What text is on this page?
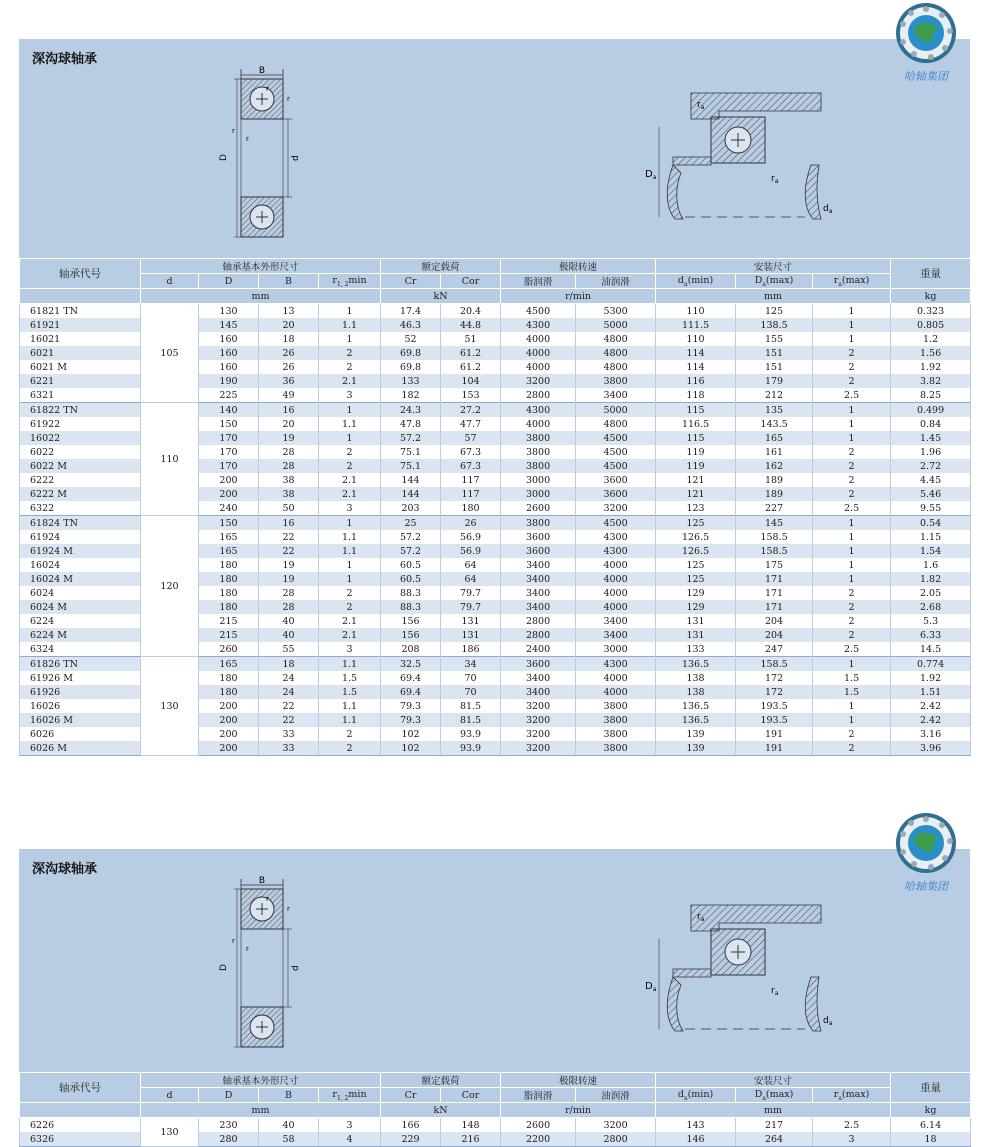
深沟球轴承
B
D	d
r
r
r
r
$D_a$
$r_a$
$r_a$
$d_a$
轴承代号	轴承基本外形尺寸				额定载荷		极限转速		安装尺寸			重量
	d	D	B	$r_{1, 2}\min$	Cr	Cor	脂润滑	油润滑	$d_a(\min)$	$D_a(\max)$	$r_a(\max)$	
	mm				kN		r/min		mm			kg
61821 TN	105	130	13	1	17.4	20.4	4500	5300	110	125	1	0.323
61921		145	20	1.1	46.3	44.8	4300	5000	111.5	138.5	1	0.805
16021		160	18	1	52	51	4000	4800	110	155	1	1.2
6021		160	26	2	69.8	61.2	4000	4800	114	151	2	1.56
6021 M		160	26	2	69.8	61.2	4000	4800	114	151	2	1.92
6221		190	36	2.1	133	104	3200	3800	116	179	2	3.82
6321		225	49	3	182	153	2800	3400	118	212	2.5	8.25
61822 TN	110	140	16	1	24.3	27.2	4300	5000	115	135	1	0.499
61922		150	20	1.1	47.8	47.7	4000	4800	116.5	143.5	1	0.84
16022		170	19	1	57.2	57	3800	4500	115	165	1	1.45
6022		170	28	2	75.1	67.3	3800	4500	119	161	2	1.96
6022 M		170	28	2	75.1	67.3	3800	4500	119	162	2	2.72
6222		200	38	2.1	144	117	3000	3600	121	189	2	4.45
6222 M		200	38	2.1	144	117	3000	3600	121	189	2	5.46
6322		240	50	3	203	180	2600	3200	123	227	2.5	9.55
61824 TN	120	150	16	1	25	26	3800	4500	125	145	1	0.54
61924		165	22	1.1	57.2	56.9	3600	4300	126.5	158.5	1	1.15
61924 M		165	22	1.1	57.2	56.9	3600	4300	126.5	158.5	1	1.54
16024		180	19	1	60.5	64	3400	4000	125	175	1	1.6
16024 M		180	19	1	60.5	64	3400	4000	125	171	1	1.82
6024		180	28	2	88.3	79.7	3400	4000	129	171	2	2.05
6024 M		180	28	2	88.3	79.7	3400	4000	129	171	2	2.68
6224		215	40	2.1	156	131	2800	3400	131	204	2	5.3
6224 M		215	40	2.1	156	131	2800	3400	131	204	2	6.33
6324		260	55	3	208	186	2400	3000	133	247	2.5	14.5
61826 TN	130	165	18	1.1	32.5	34	3600	4300	136.5	158.5	1	0.774
61926 M		180	24	1.5	69.4	70	3400	4000	138	172	1.5	1.92
61926		180	24	1.5	69.4	70	3400	4000	138	172	1.5	1.51
16026		200	22	1.1	79.3	81.5	3200	3800	136.5	193.5	1	2.42
16026 M		200	22	1.1	79.3	81.5	3200	3800	136.5	193.5	1	2.42
6026		200	33	2	102	93.9	3200	3800	139	191	2	3.16
6026 M		200	33	2	102	93.9	3200	3800	139	191	2	3.96
哈轴集团
深沟球轴承
B
D	d
r
r
r
r
$D_a$
$r_a$
$r_a$
$d_a$
轴承代号	轴承基本外形尺寸				额定载荷		极限转速		安装尺寸			重量
	d	D	B	$r_{1, 2}\min$	Cr	Cor	脂润滑	油润滑	$d_a(\min)$	$D_a(\max)$	$r_a(\max)$	
	mm				kN		r/min		mm			kg
6226	130	230	40	3	166	148	2600	3200	143	217	2.5	6.14
6326		280	58	4	229	216	2200	2800	146	264	3	18
哈轴集团
